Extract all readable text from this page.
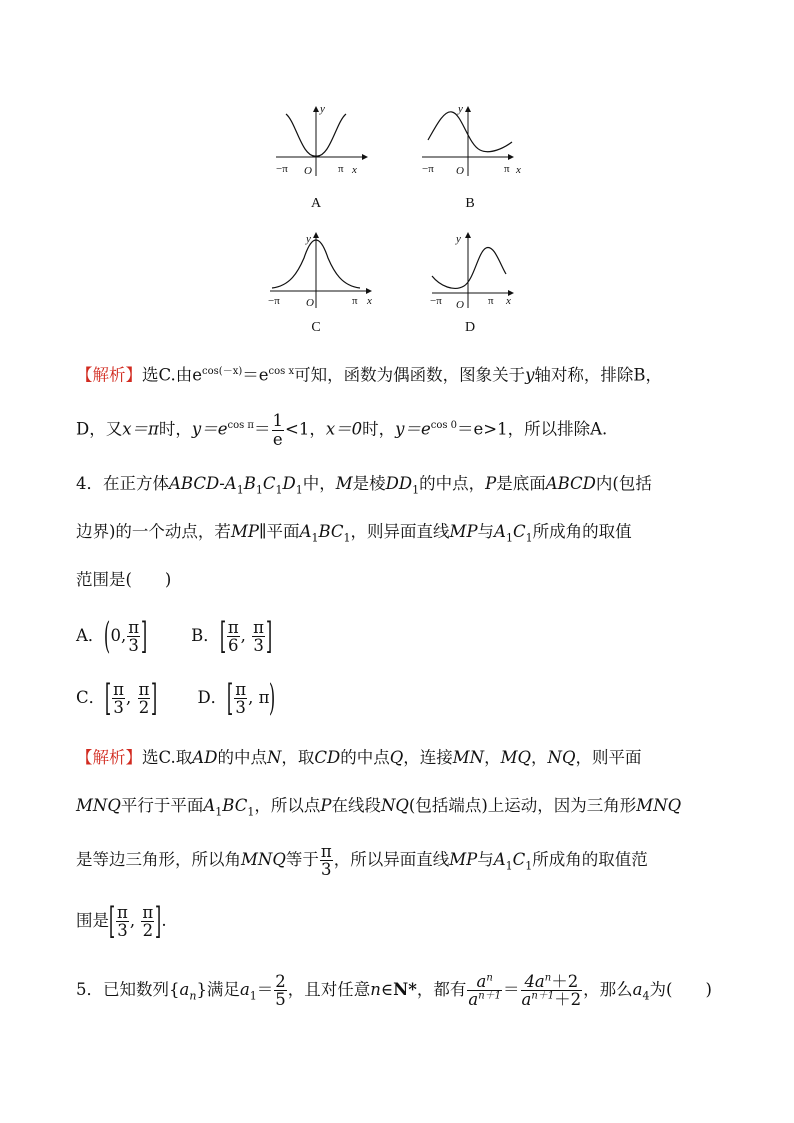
y
x
O
−π	π
A
y
x
O
−π	π
B
y
x
O
−π	π
C
y
x
O
−π	π
D
【解析】选C.由$e^{cos(-x)}=e^{cos x}$可知，函数为偶函数，图象关于y轴对称，排除B，
D，又x＝π时，$y=e^{cos \pi}= \frac{1}{e} <1$，x＝0时，$y=e^{cos 0}=e>1$，所以排除A.
4．在正方体ABCD-$A_1B_1C_1D_1$中，M是棱$DD_1$的中点，P是底面ABCD内(包括
边界)的一个动点，若MP∥平面$A_1BC_1$，则异面直线MP与$A_1C_1$所成角的取值
范围是(　　)
A．(0, $\frac{\pi}{3}$ ]	B．[ $\frac{\pi}{6}$ , $\frac{\pi}{3}$ ]
C．[ $\frac{\pi}{3}$ , $\frac{\pi}{2}$ ] D．[ $\frac{\pi}{3}$ , π)
【解析】选C.取AD的中点N，取CD的中点Q，连接MN，MQ，NQ，则平面
MNQ平行于平面$A_1BC_1$，所以点P在线段NQ(包括端点)上运动，因为三角形MNQ
是等边三角形，所以角MNQ等于 $\frac{\pi}{3}$ ，所以异面直线MP与$A_1C_1$所成角的取值范
围是[ $\frac{\pi}{3}$ , $\frac{\pi}{2}$ ].
5．已知数列$\{a_n\}$满足$a_1= \frac{2}{5}$ ，且对任意n∈N*，都有 $\frac{a^n}{a^{n+1}} = \frac{4a^n+2}{a^{n+1}+2}$ ，那么$a_4$为(　　)
